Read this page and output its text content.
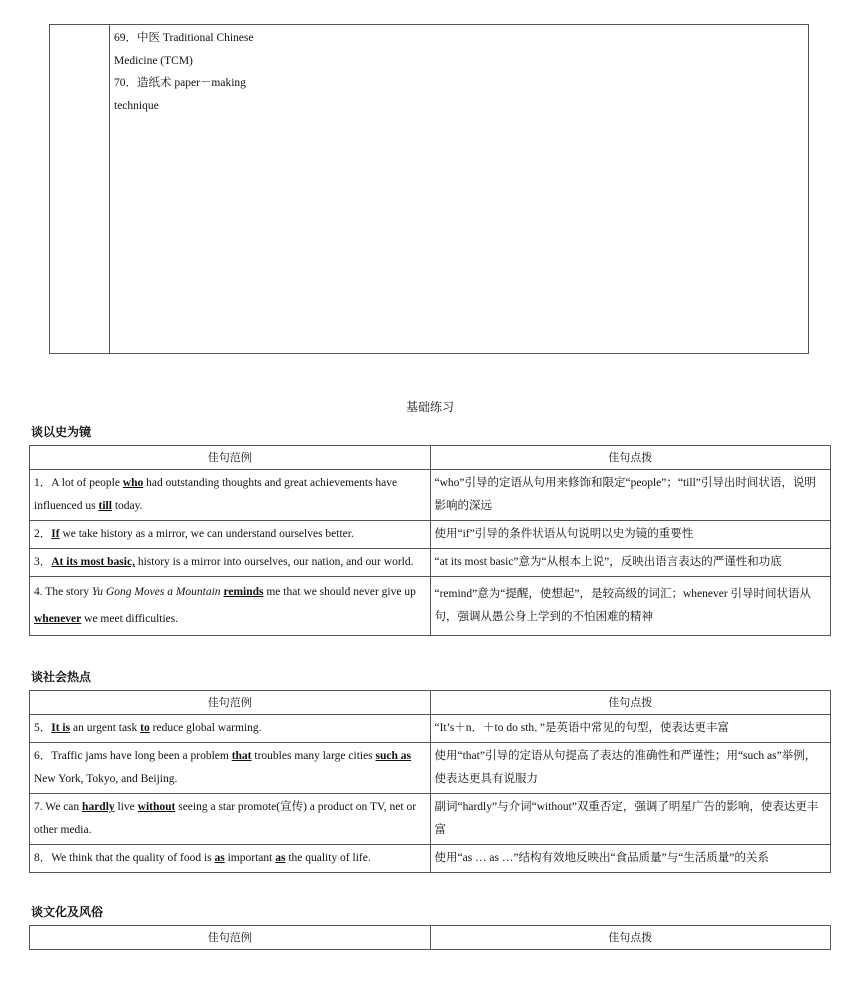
69．中医 Traditional Chinese
Medicine (TCM)
70．造纸术 paper－making
technique
基础练习
谈以史为镜
佳句范例	佳句点拨
1．A lot of people who had outstanding thoughts and great achievements have influenced us till today.	“who”引导的定语从句用来修饰和限定“people”；“till”引导出时间状语，说明影响的深远
2．If we take history as a mirror, we can understand ourselves better.	使用“if”引导的条件状语从句说明以史为镜的重要性
3．At its most basic, history is a mirror into ourselves, our nation, and our world.	“at its most basic”意为“从根本上说”，反映出语言表达的严谨性和功底
4. The story Yu Gong Moves a Mountain reminds me that we should never give up whenever we meet difficulties.	“remind”意为“提醒，使想起”，是较高级的词汇；whenever 引导时间状语从句，强调从愚公身上学到的不怕困难的精神
谈社会热点
佳句范例	佳句点拨
5．It is an urgent task to reduce global warming.	“It’s＋n．＋to do sth．”是英语中常见的句型，使表达更丰富
6．Traffic jams have long been a problem that troubles many large cities such as New York, Tokyo, and Beijing.	使用“that”引导的定语从句提高了表达的准确性和严谨性；用“such as”举例，使表达更具有说服力
7. We can hardly live without seeing a star promote(宣传) a product on TV, net or other media.	副词“hardly”与介词“without”双重否定，强调了明星广告的影响，使表达更丰富
8．We think that the quality of food is as important as the quality of life.	使用“as … as …”结构有效地反映出“食品质量”与“生活质量”的关系
谈文化及风俗
佳句范例	佳句点拨
